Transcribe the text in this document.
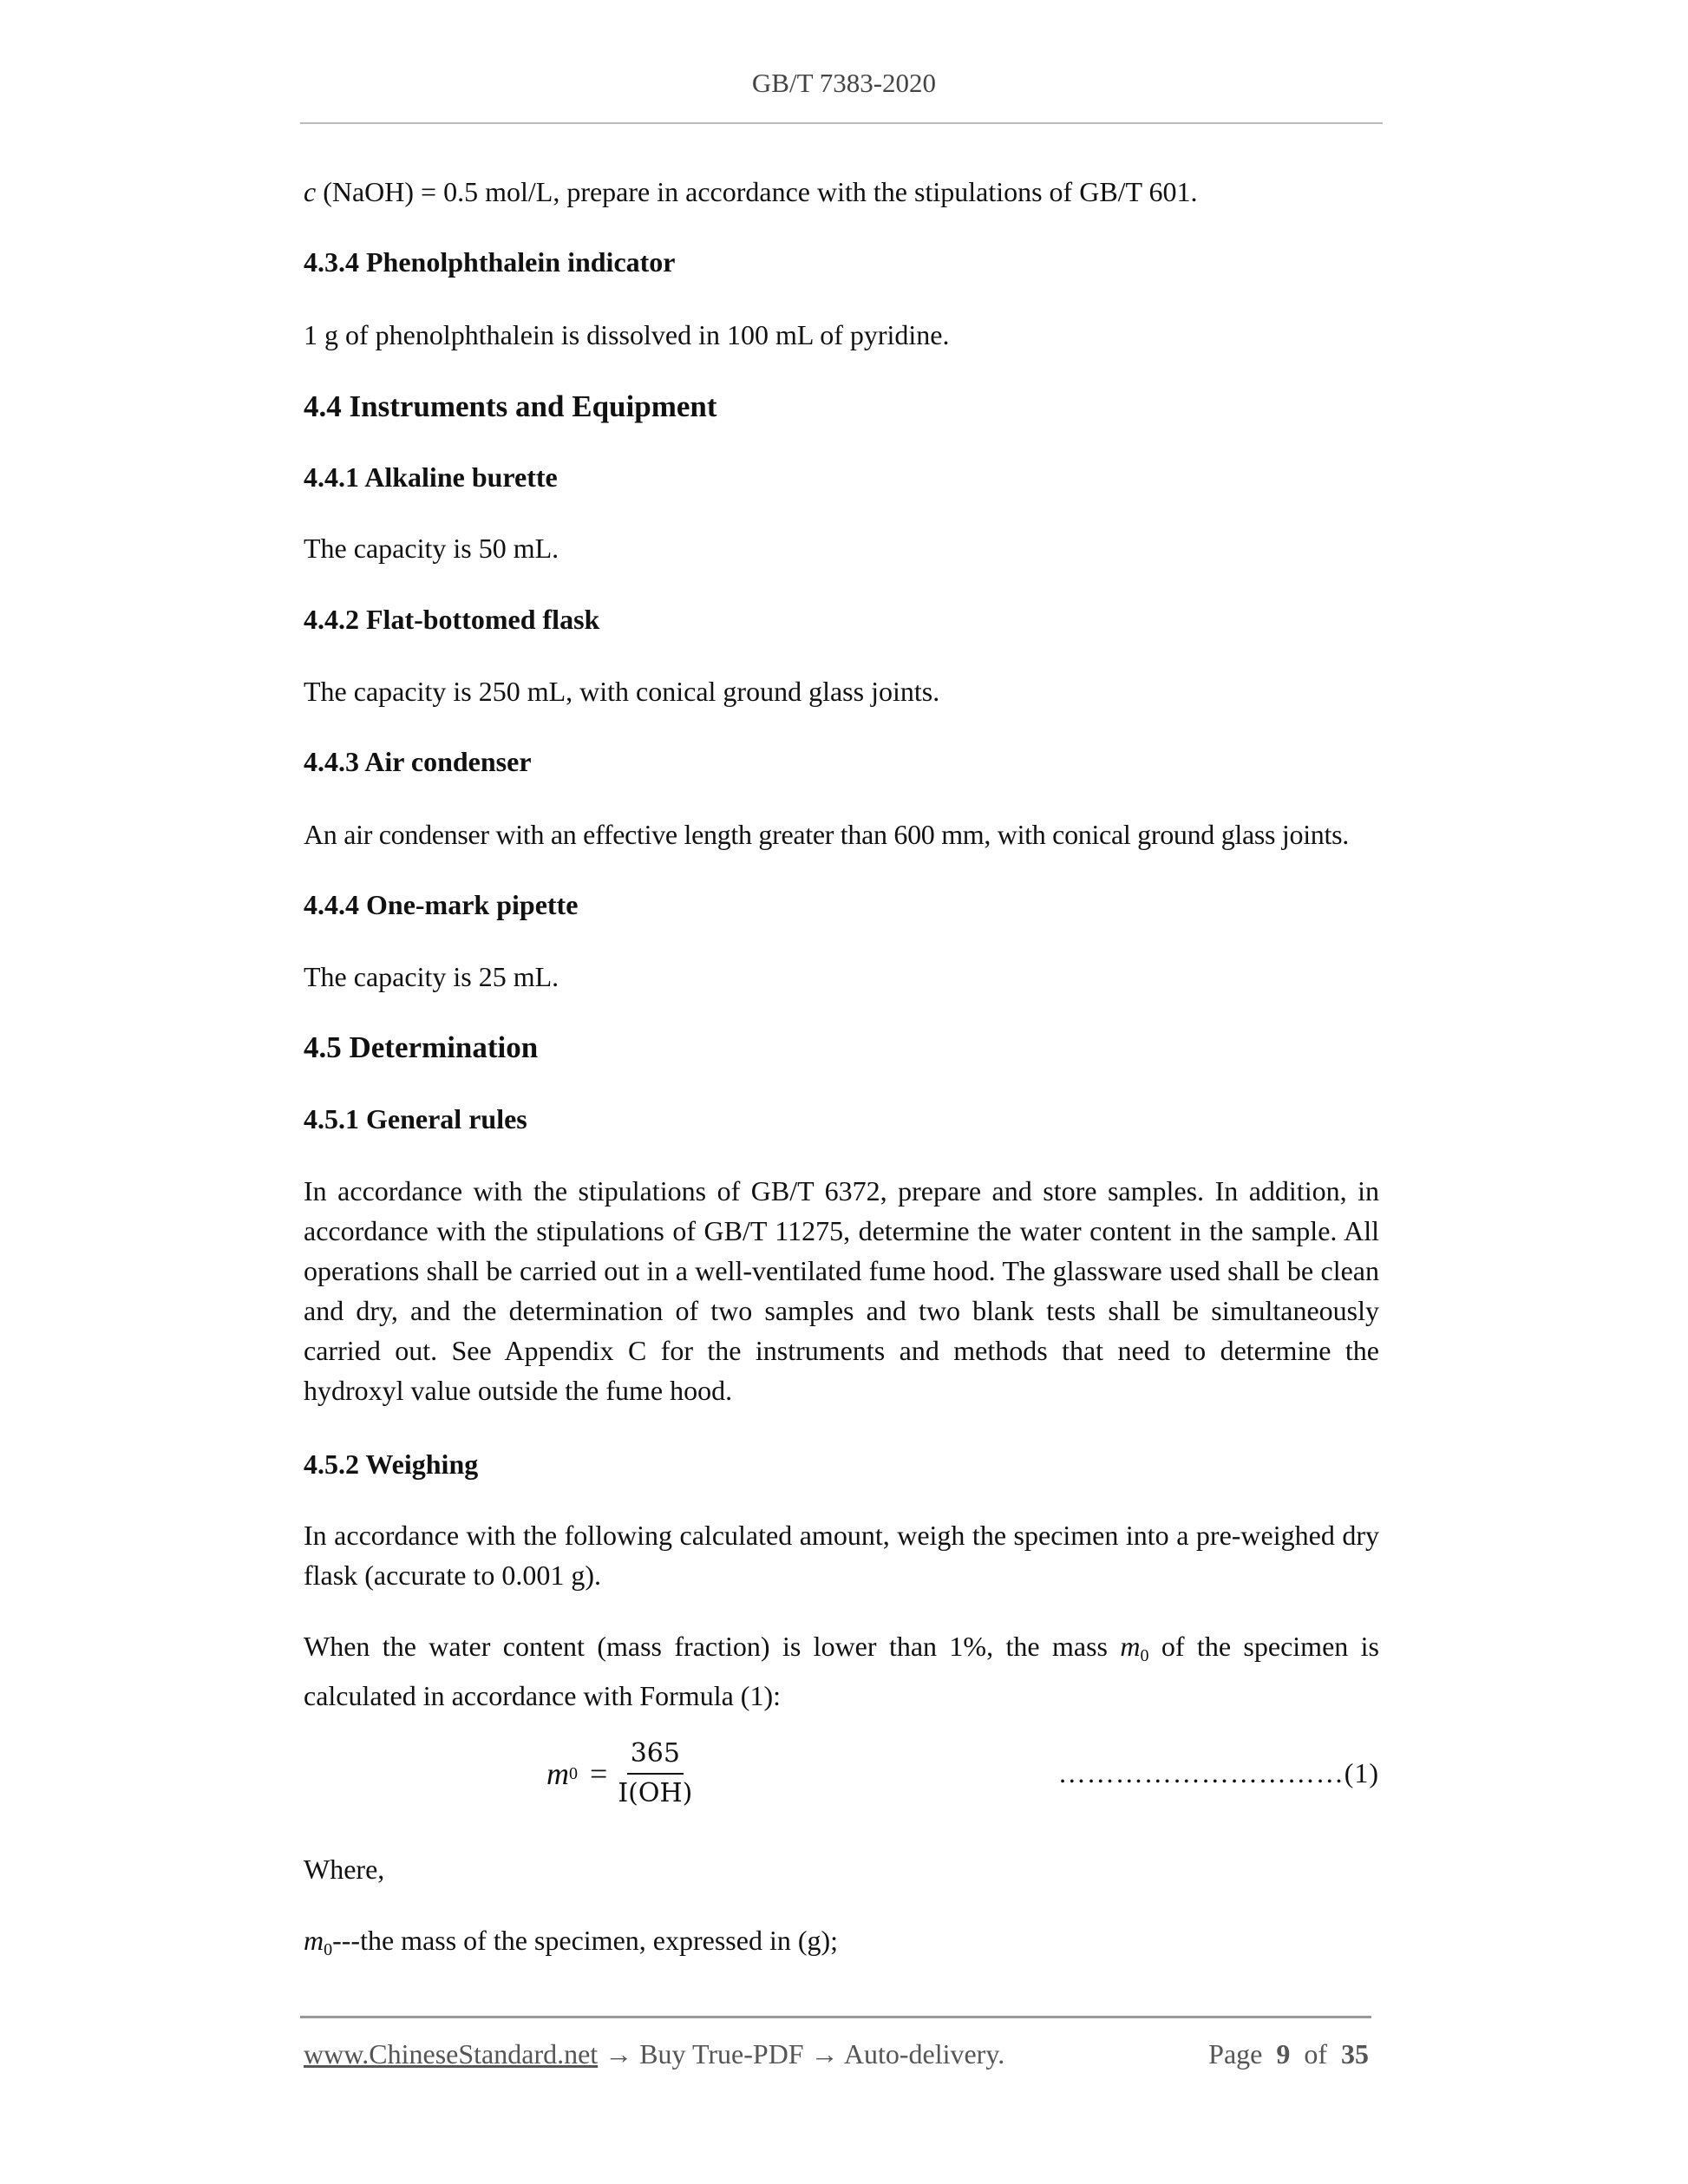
GB/T 7383-2020
c (NaOH) = 0.5 mol/L, prepare in accordance with the stipulations of GB/T 601.
4.3.4 Phenolphthalein indicator
1 g of phenolphthalein is dissolved in 100 mL of pyridine.
4.4 Instruments and Equipment
4.4.1 Alkaline burette
The capacity is 50 mL.
4.4.2 Flat-bottomed flask
The capacity is 250 mL, with conical ground glass joints.
4.4.3 Air condenser
An air condenser with an effective length greater than 600 mm, with conical ground glass joints.
4.4.4 One-mark pipette
The capacity is 25 mL.
4.5 Determination
4.5.1 General rules
In accordance with the stipulations of GB/T 6372, prepare and store samples. In addition, in accordance with the stipulations of GB/T 11275, determine the water content in the sample. All operations shall be carried out in a well-ventilated fume hood. The glassware used shall be clean and dry, and the determination of two samples and two blank tests shall be simultaneously carried out. See Appendix C for the instruments and methods that need to determine the hydroxyl value outside the fume hood.
4.5.2 Weighing
In accordance with the following calculated amount, weigh the specimen into a pre-weighed dry flask (accurate to 0.001 g).
When the water content (mass fraction) is lower than 1%, the mass $m_0$ of the specimen is calculated in accordance with Formula (1):
m $0 = \frac{365}{I(OH)}$	…………………………(1)
Where,
$m_0--$-the mass of the specimen, expressed in (g);
www.ChineseStandard.net → Buy True-PDF → Auto-delivery.	Page 9 of 35
